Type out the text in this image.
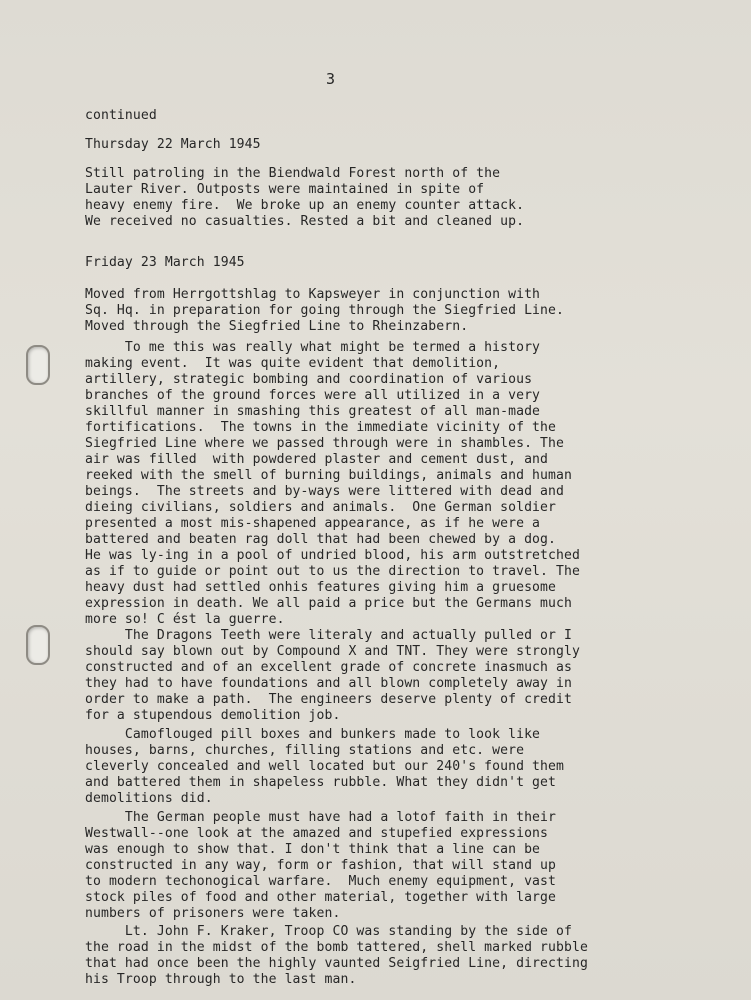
3
continued
Thursday 22 March 1945
Still patroling in the Biendwald Forest north of the
Lauter River. Outposts were maintained in spite of
heavy enemy fire.  We broke up an enemy counter attack.
We received no casualties. Rested a bit and cleaned up.
Friday 23 March 1945
Moved from Herrgottshlag to Kapsweyer in conjunction with
Sq. Hq. in preparation for going through the Siegfried Line.
Moved through the Siegfried Line to Rheinzabern.
To me this was really what might be termed a history
making event.  It was quite evident that demolition,
artillery, strategic bombing and coordination of various
branches of the ground forces were all utilized in a very
skillful manner in smashing this greatest of all man-made
fortifications.  The towns in the immediate vicinity of the
Siegfried Line where we passed through were in shambles. The
air was filled  with powdered plaster and cement dust, and
reeked with the smell of burning buildings, animals and human
beings.  The streets and by-ways were littered with dead and
dieing civilians, soldiers and animals.  One German soldier
presented a most mis-shapened appearance, as if he were a
battered and beaten rag doll that had been chewed by a dog.
He was ly-ing in a pool of undried blood, his arm outstretched
as if to guide or point out to us the direction to travel. The
heavy dust had settled onhis features giving him a gruesome
expression in death. We all paid a price but the Germans much
more so! C ést la guerre.
The Dragons Teeth were literaly and actually pulled or I
should say blown out by Compound X and TNT. They were strongly
constructed and of an excellent grade of concrete inasmuch as
they had to have foundations and all blown completely away in
order to make a path.  The engineers deserve plenty of credit
for a stupendous demolition job.
Camoflouged pill boxes and bunkers made to look like
houses, barns, churches, filling stations and etc. were
cleverly concealed and well located but our 240's found them
and battered them in shapeless rubble. What they didn't get
demolitions did.
The German people must have had a lotof faith in their
Westwall--one look at the amazed and stupefied expressions
was enough to show that. I don't think that a line can be
constructed in any way, form or fashion, that will stand up
to modern techonogical warfare.  Much enemy equipment, vast
stock piles of food and other material, together with large
numbers of prisoners were taken.
Lt. John F. Kraker, Troop CO was standing by the side of
the road in the midst of the bomb tattered, shell marked rubble
that had once been the highly vaunted Seigfried Line, directing
his Troop through to the last man.
